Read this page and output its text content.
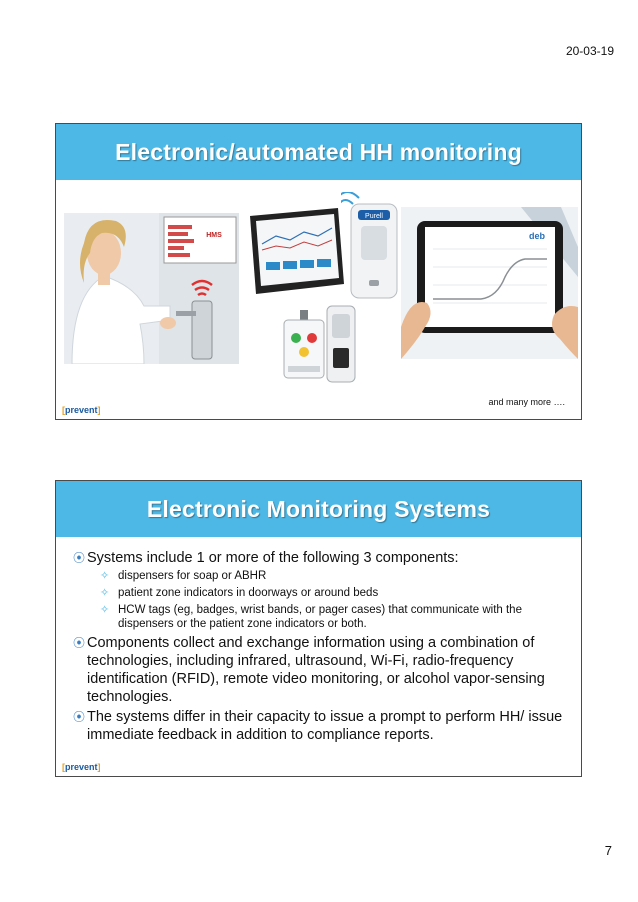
20-03-19
Electronic/automated HH monitoring
HMS
Purell
deb
and many more ….
[prevent]
Electronic Monitoring Systems
⦿ Systems include 1 or more of the following 3 components:
✧ dispensers for soap or ABHR
✧ patient zone indicators in doorways or around beds
✧ HCW tags (eg, badges, wrist bands, or pager cases) that communicate with the dispensers or the patient zone indicators or both.
⦿ Components collect and exchange information using a combination of technologies, including infrared, ultrasound, Wi-Fi, radio-frequency identification (RFID), remote video monitoring, or alcohol vapor-sensing technologies.
⦿ The systems differ in their capacity to issue a prompt to perform HH/ issue immediate feedback in addition to compliance reports.
[prevent]
7
